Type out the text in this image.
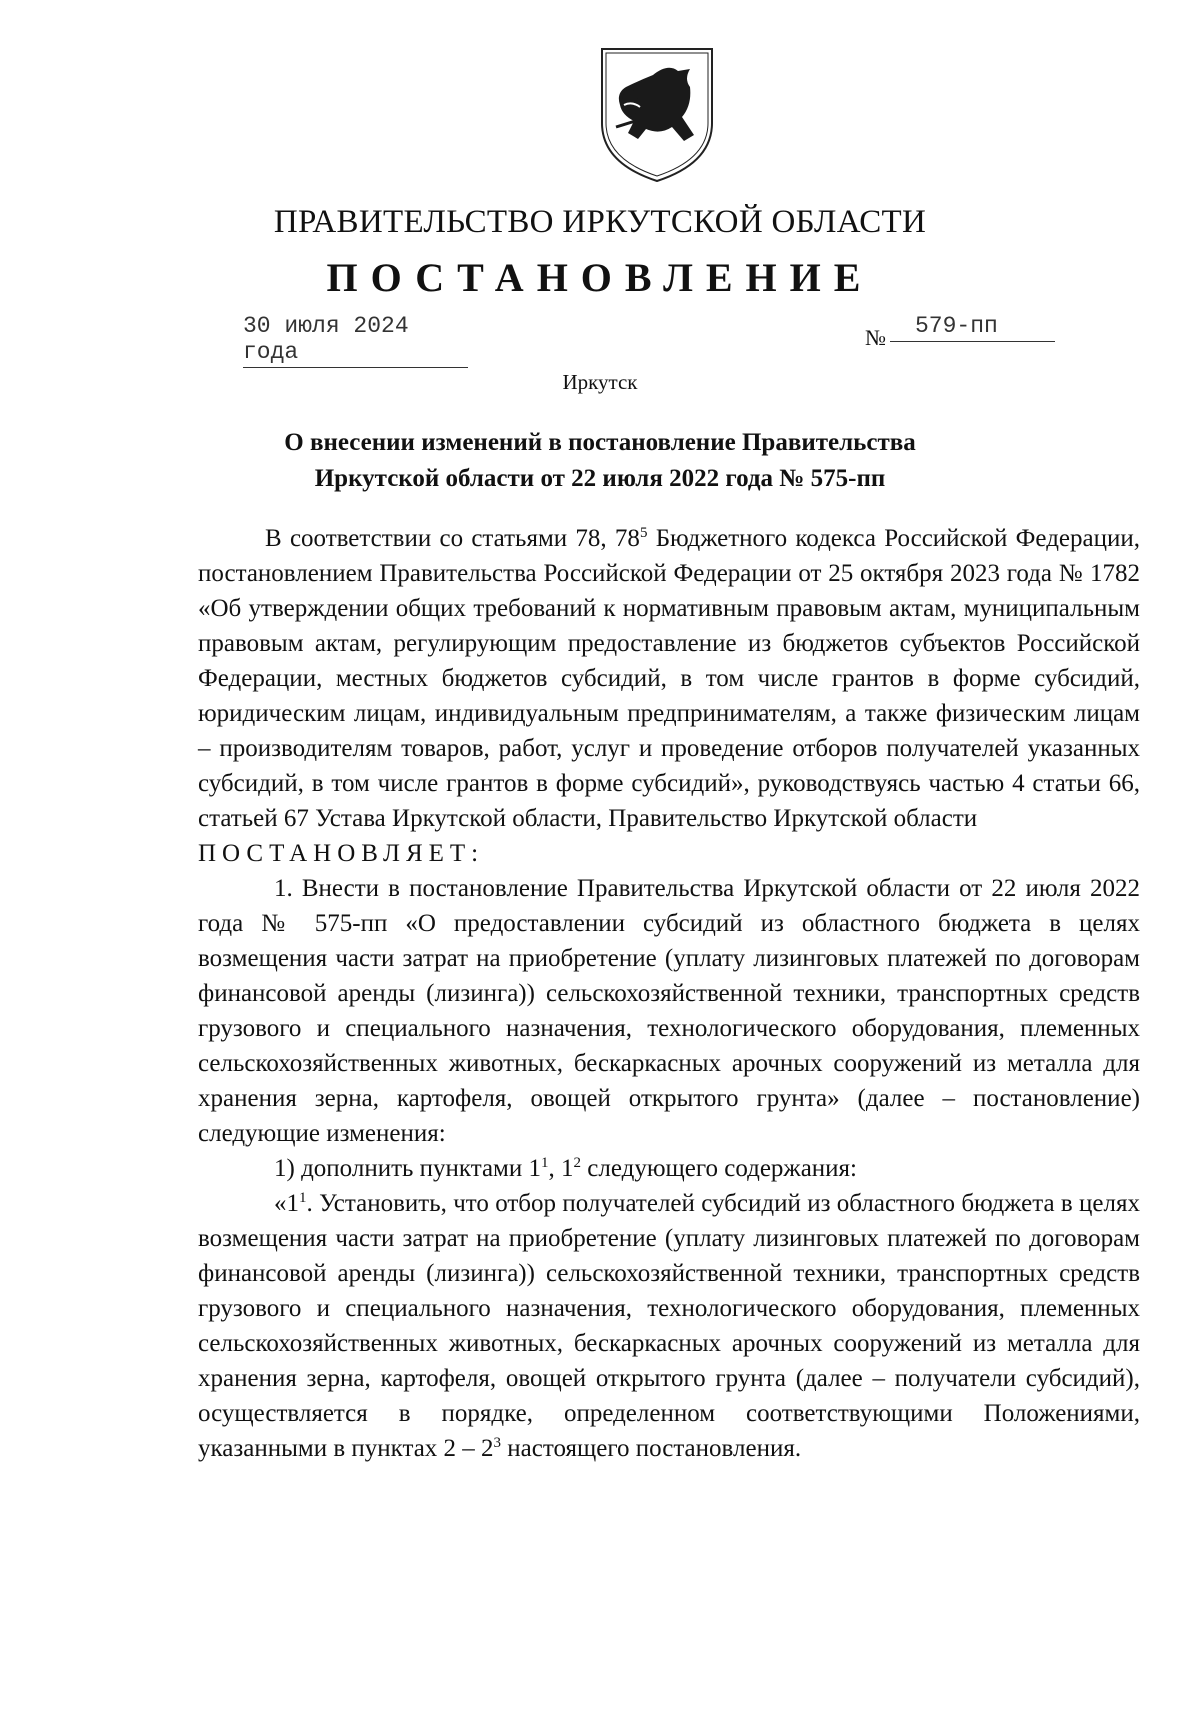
ПРАВИТЕЛЬСТВО ИРКУТСКОЙ ОБЛАСТИ
ПОСТАНОВЛЕНИЕ
30 июля 2024 года
№	579-пп
Иркутск
О внесении изменений в постановление Правительства
Иркутской области от 22 июля 2022 года № 575-пп

В соответствии со статьями 78, $78^5$ Бюджетного кодекса Российской Федерации, постановлением Правительства Российской Федерации от 25 октября 2023 года № 1782 «Об утверждении общих требований к нормативным правовым актам, муниципальным правовым актам, регулирующим предоставление из бюджетов субъектов Российской Федерации, местных бюджетов субсидий, в том числе грантов в форме субсидий, юридическим лицам, индивидуальным предпринимателям, а также физическим лицам – производителям товаров, работ, услуг и проведение отборов получателей указанных субсидий, в том числе грантов в форме субсидий», руководствуясь частью 4 статьи 66, статьей 67 Устава Иркутской области, Правительство Иркутской области

ПОСТАНОВЛЯЕТ:

1. Внести в постановление Правительства Иркутской области от 22 июля 2022 года № 575-пп «О предоставлении субсидий из областного бюджета в целях возмещения части затрат на приобретение (уплату лизинговых платежей по договорам финансовой аренды (лизинга)) сельскохозяйственной техники, транспортных средств грузового и специального назначения, технологического оборудования, племенных сельскохозяйственных животных, бескаркасных арочных сооружений из металла для хранения зерна, картофеля, овощей открытого грунта» (далее – постановление) следующие изменения:

1) дополнить пунктами $1^1$, $1^2$ следующего содержания:

«$1^1$. Установить, что отбор получателей субсидий из областного бюджета в целях возмещения части затрат на приобретение (уплату лизинговых платежей по договорам финансовой аренды (лизинга)) сельскохозяйственной техники, транспортных средств грузового и специального назначения, технологического оборудования, племенных сельскохозяйственных животных, бескаркасных арочных сооружений из металла для хранения зерна, картофеля, овощей открытого грунта (далее – получатели субсидий), осуществляется в порядке, определенном соответствующими Положениями, указанными в пунктах $2 - 2^3$ настоящего постановления.
